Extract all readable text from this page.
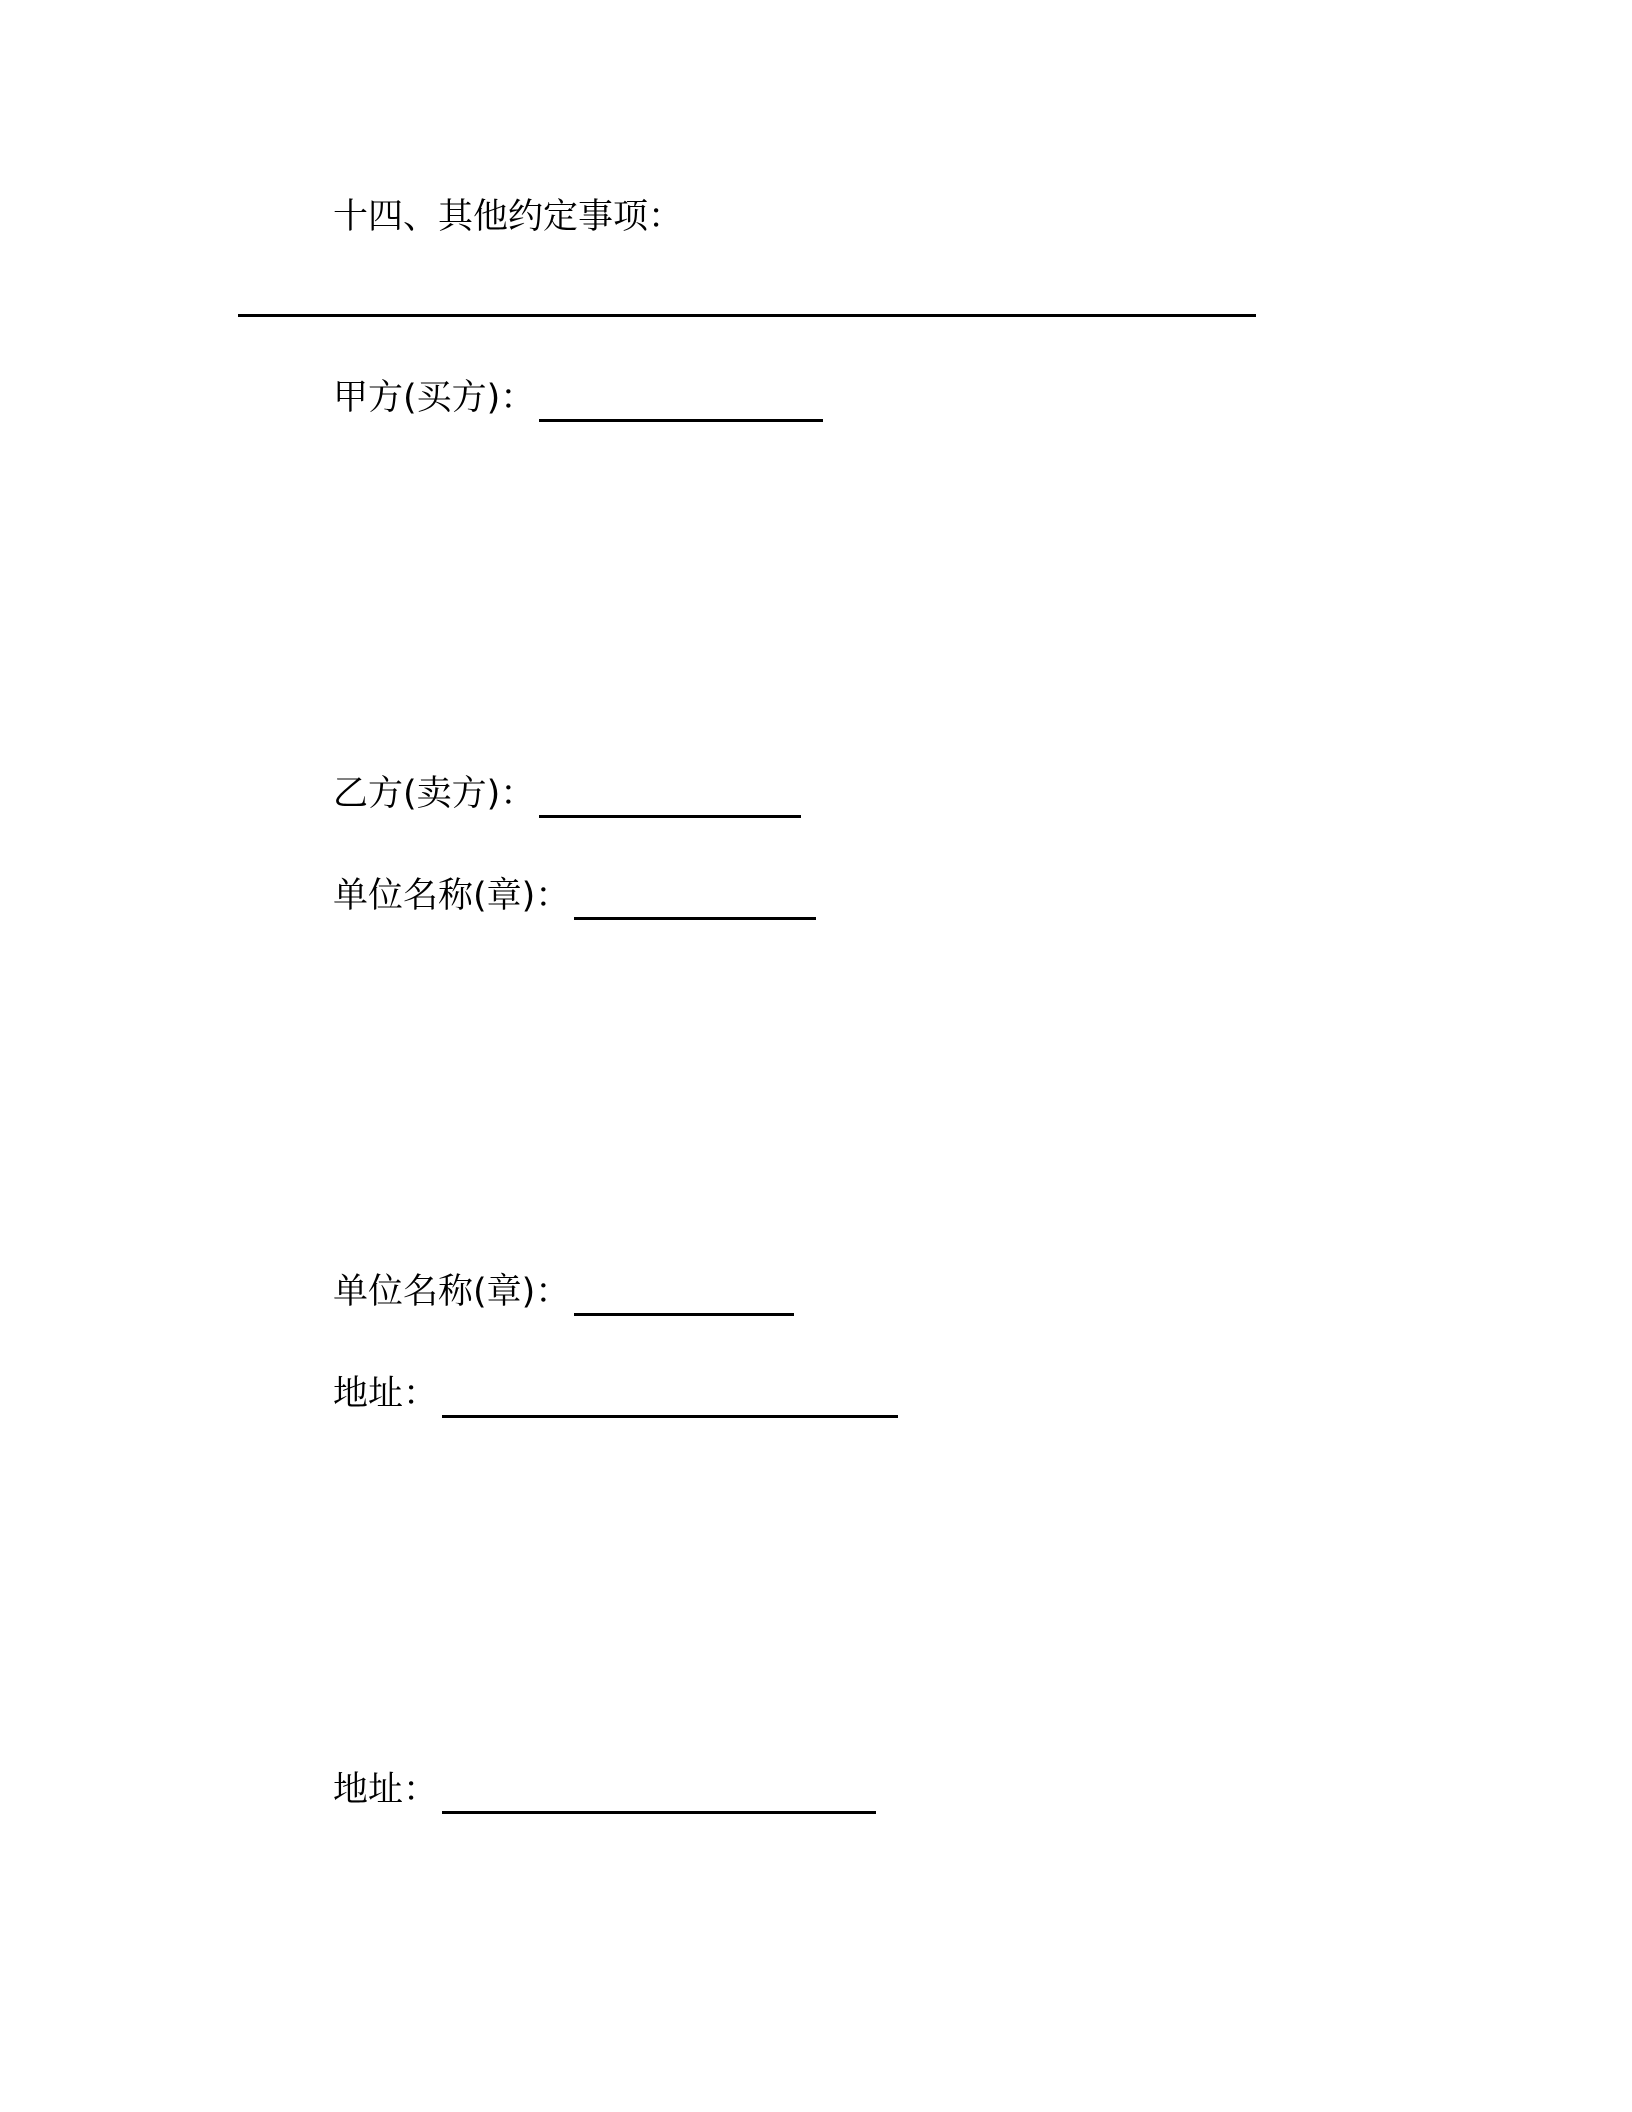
十四、其他约定事项：
甲方(买方)：
乙方(卖方)：
单位名称(章)：
单位名称(章)：
地址：
地址：
